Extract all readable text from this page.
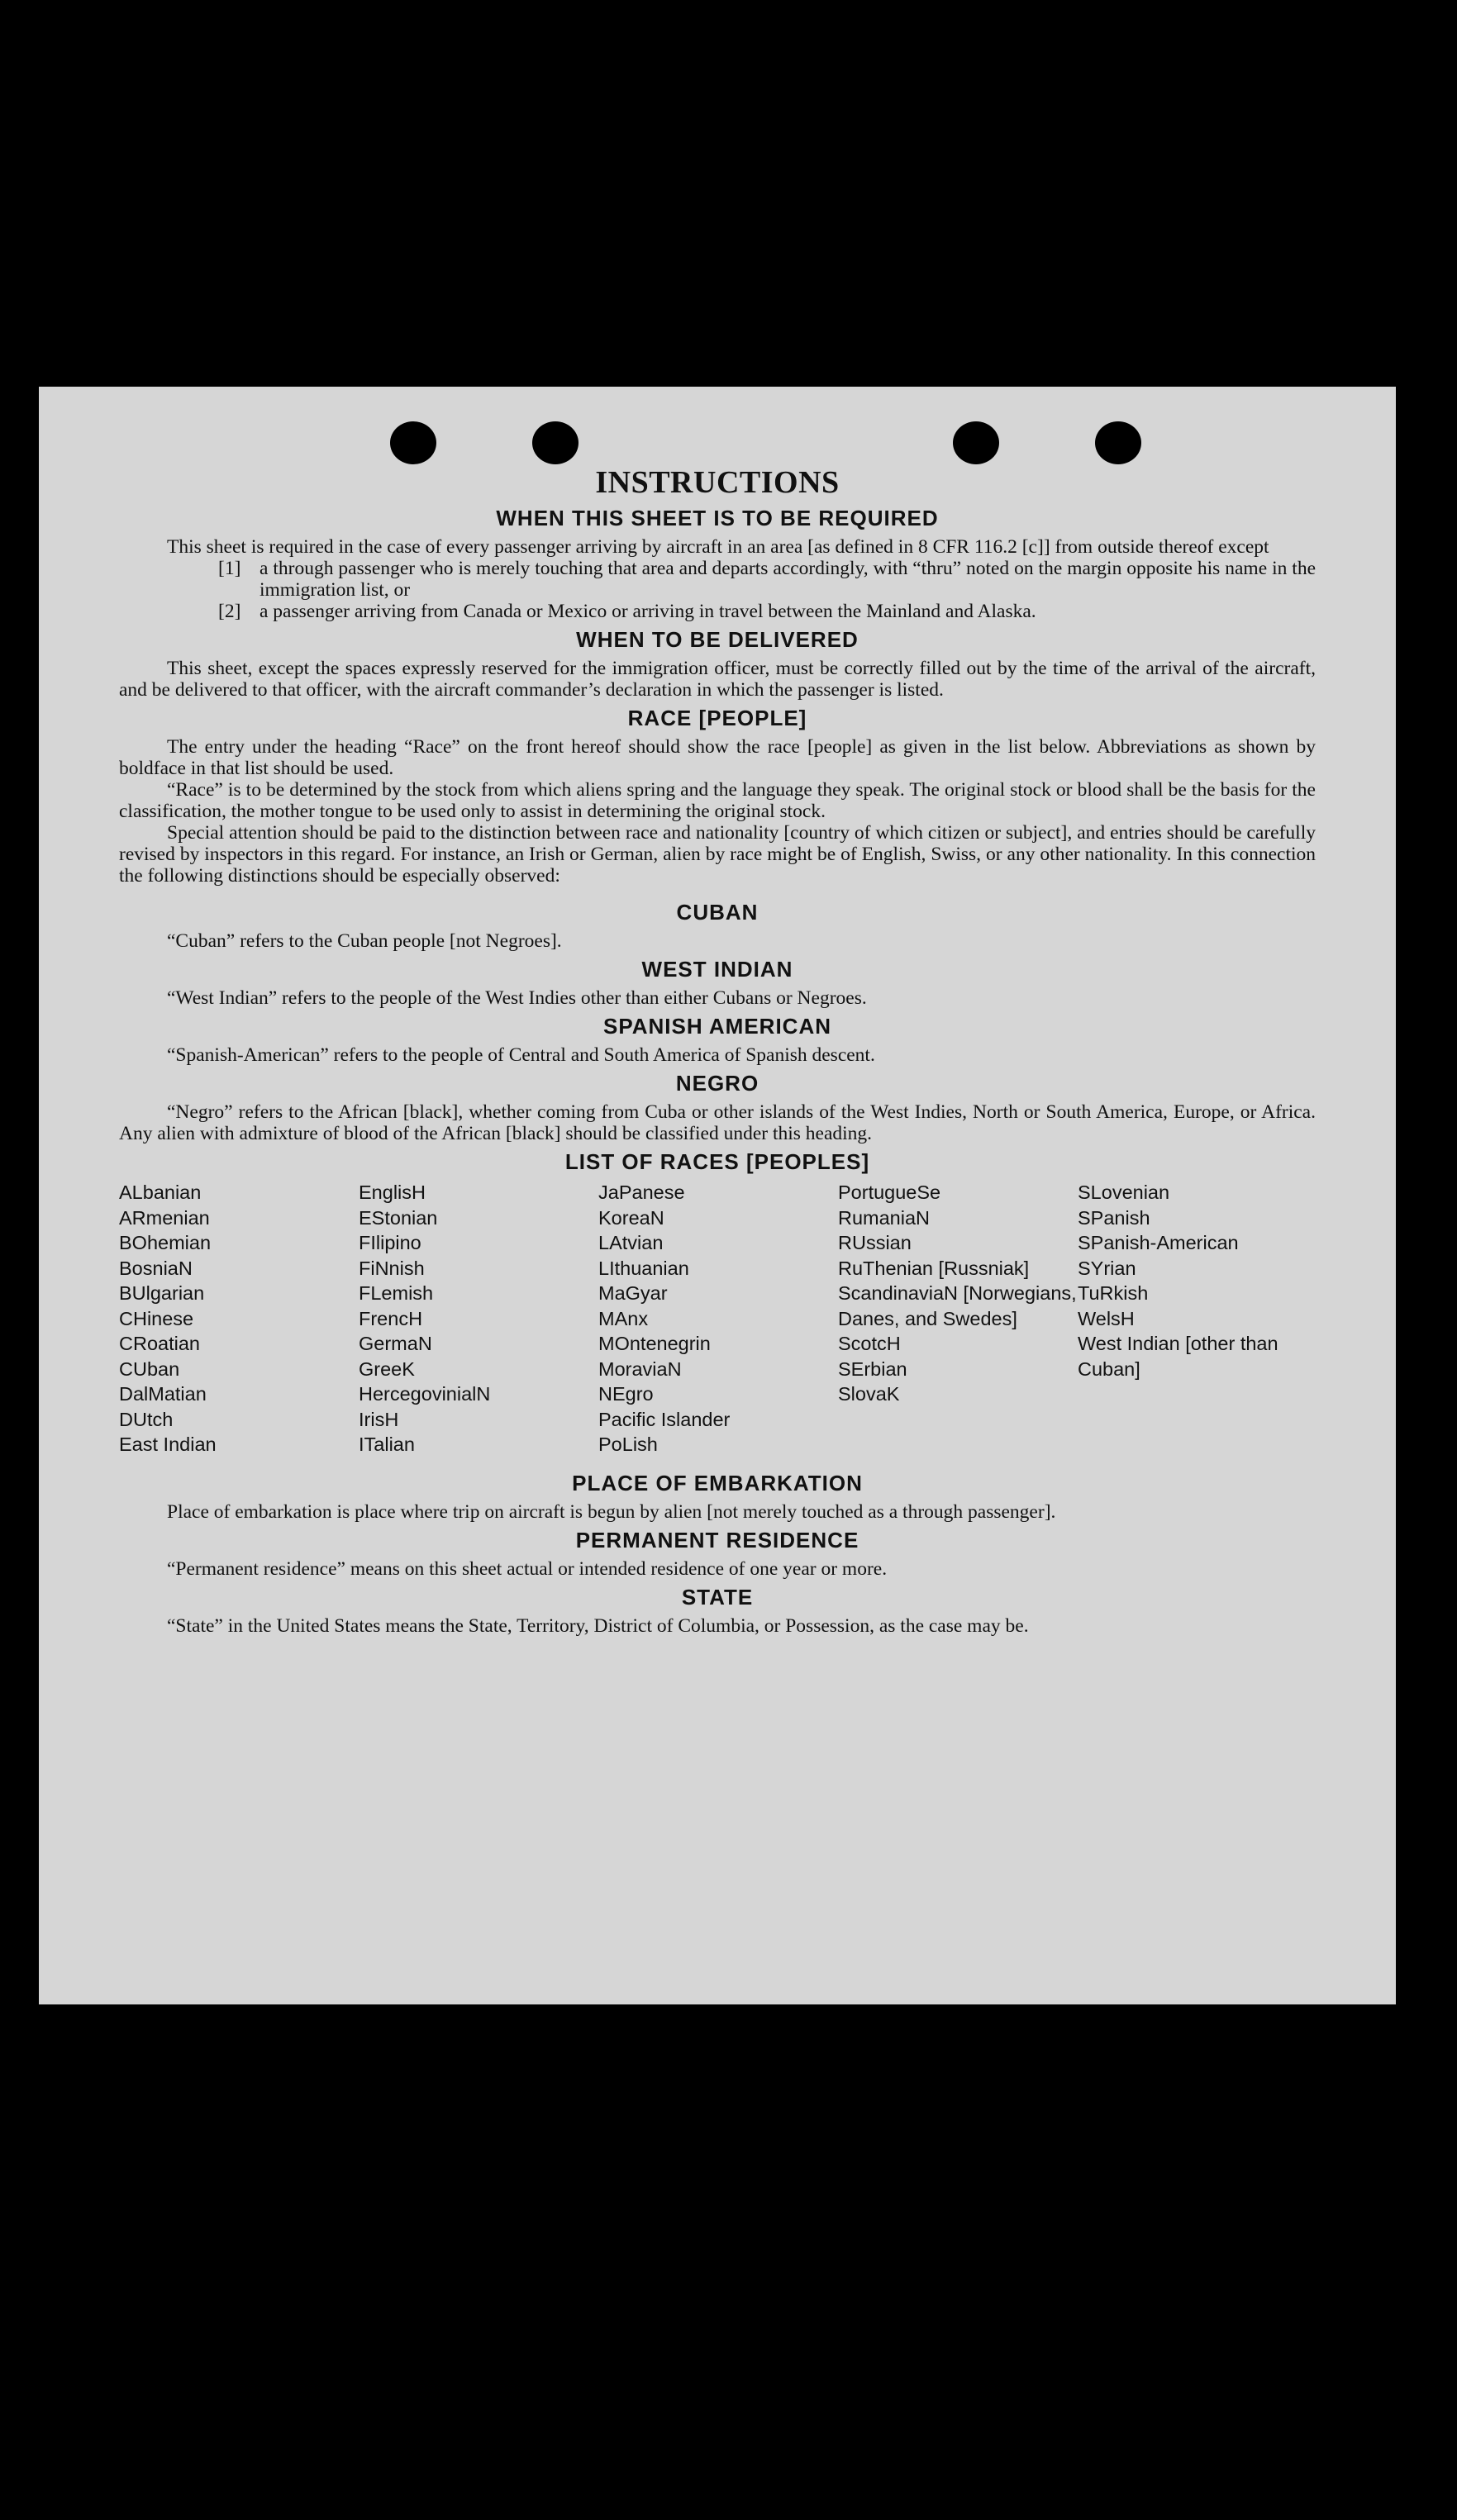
INSTRUCTIONS
WHEN THIS SHEET IS TO BE REQUIRED

This sheet is required in the case of every passenger arriving by aircraft in an area [as defined in 8 CFR 116.2 [c]] from outside thereof except

[1] a through passenger who is merely touching that area and departs accordingly, with “thru” noted on the margin opposite his name in the immigration list, or
[2] a passenger arriving from Canada or Mexico or arriving in travel between the Mainland and Alaska.
WHEN TO BE DELIVERED

This sheet, except the spaces expressly reserved for the immigration officer, must be correctly filled out by the time of the arrival of the aircraft, and be delivered to that officer, with the aircraft commander’s declaration in which the passenger is listed.

RACE [PEOPLE]

The entry under the heading “Race” on the front hereof should show the race [people] as given in the list below. Abbreviations as shown by boldface in that list should be used.

“Race” is to be determined by the stock from which aliens spring and the language they speak. The original stock or blood shall be the basis for the classification, the mother tongue to be used only to assist in determining the original stock.

Special attention should be paid to the distinction between race and nationality [country of which citizen or subject], and entries should be carefully revised by inspectors in this regard. For instance, an Irish or German, alien by race might be of English, Swiss, or any other nationality. In this connection the following distinctions should be especially observed:

CUBAN

“Cuban” refers to the Cuban people [not Negroes].

WEST INDIAN

“West Indian” refers to the people of the West Indies other than either Cubans or Negroes.

SPANISH AMERICAN

“Spanish-American” refers to the people of Central and South America of Spanish descent.

NEGRO

“Negro” refers to the African [black], whether coming from Cuba or other islands of the West Indies, North or South America, Europe, or Africa. Any alien with admixture of blood of the African [black] should be classified under this heading.

LIST OF RACES [PEOPLES]
ALbanian
ARmenian
BOhemian
BosniaN
BUlgarian
CHinese
CRoatian
CUban
DalMatian
DUtch
East Indian
EnglisH
EStonian
FIlipino
FiNnish
FLemish
FrencH
GermaN
GreeK
HercegovinialN
IrisH
ITalian
JaPanese
KoreaN
LAtvian
LIthuanian
MaGyar
MAnx
MOntenegrin
MoraviaN
NEgro
Pacific Islander
PoLish
PortugueSe
RumaniaN
RUssian
RuThenian [Russniak]
ScandinaviaN [Norwegians, Danes, and Swedes]
ScotcH
SErbian
SlovaK
SLovenian
SPanish
SPanish-American
SYrian
TuRkish
WelsH
West Indian [other than Cuban]
PLACE OF EMBARKATION

Place of embarkation is place where trip on aircraft is begun by alien [not merely touched as a through passenger].

PERMANENT RESIDENCE

“Permanent residence” means on this sheet actual or intended residence of one year or more.

STATE

“State” in the United States means the State, Territory, District of Columbia, or Possession, as the case may be.
